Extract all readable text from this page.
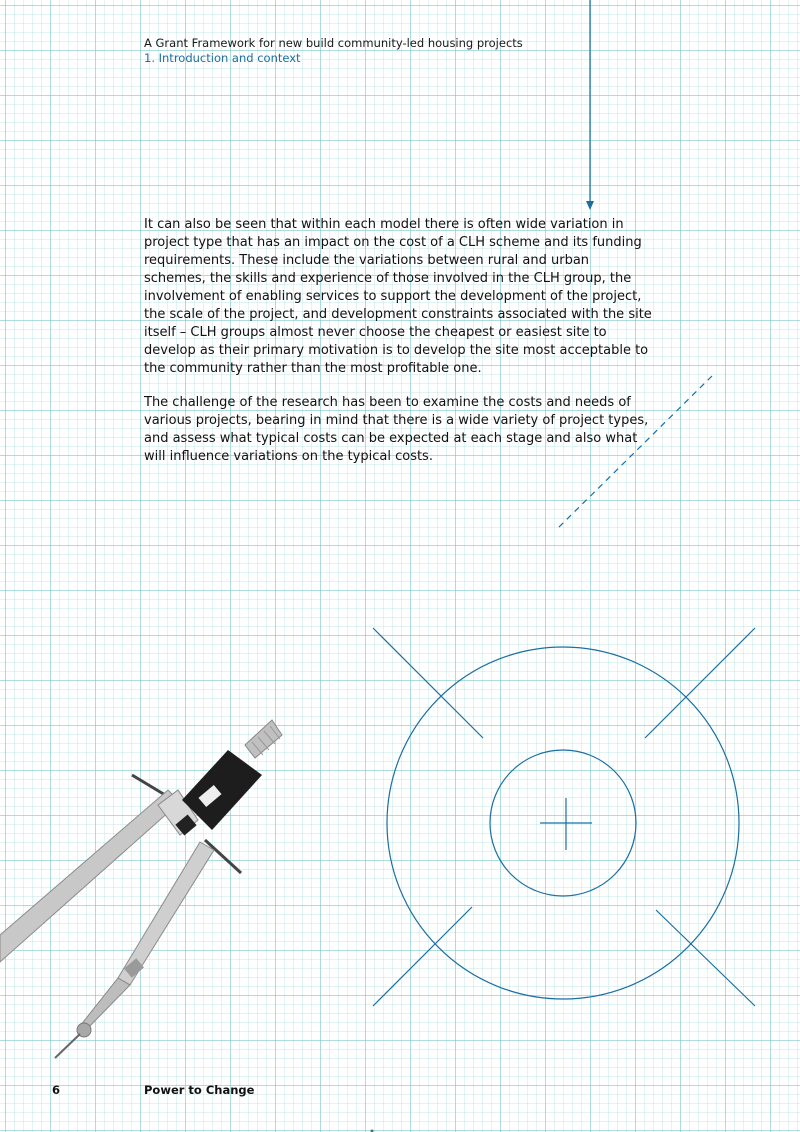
A Grant Framework for new build community-led housing projects
1. Introduction and context

It can also be seen that within each model there is often wide variation in project type that has an impact on the cost of a CLH scheme and its funding requirements. These include the variations between rural and urban schemes, the skills and experience of those involved in the CLH group, the involvement of enabling services to support the development of the project, the scale of the project, and development constraints associated with the site itself – CLH groups almost never choose the cheapest or easiest site to develop as their primary motivation is to develop the site most acceptable to the community rather than the most profitable one.

The challenge of the research has been to examine the costs and needs of various projects, bearing in mind that there is a wide variety of project types, and assess what typical costs can be expected at each stage and also what will influence variations on the typical costs.

6	Power to Change
